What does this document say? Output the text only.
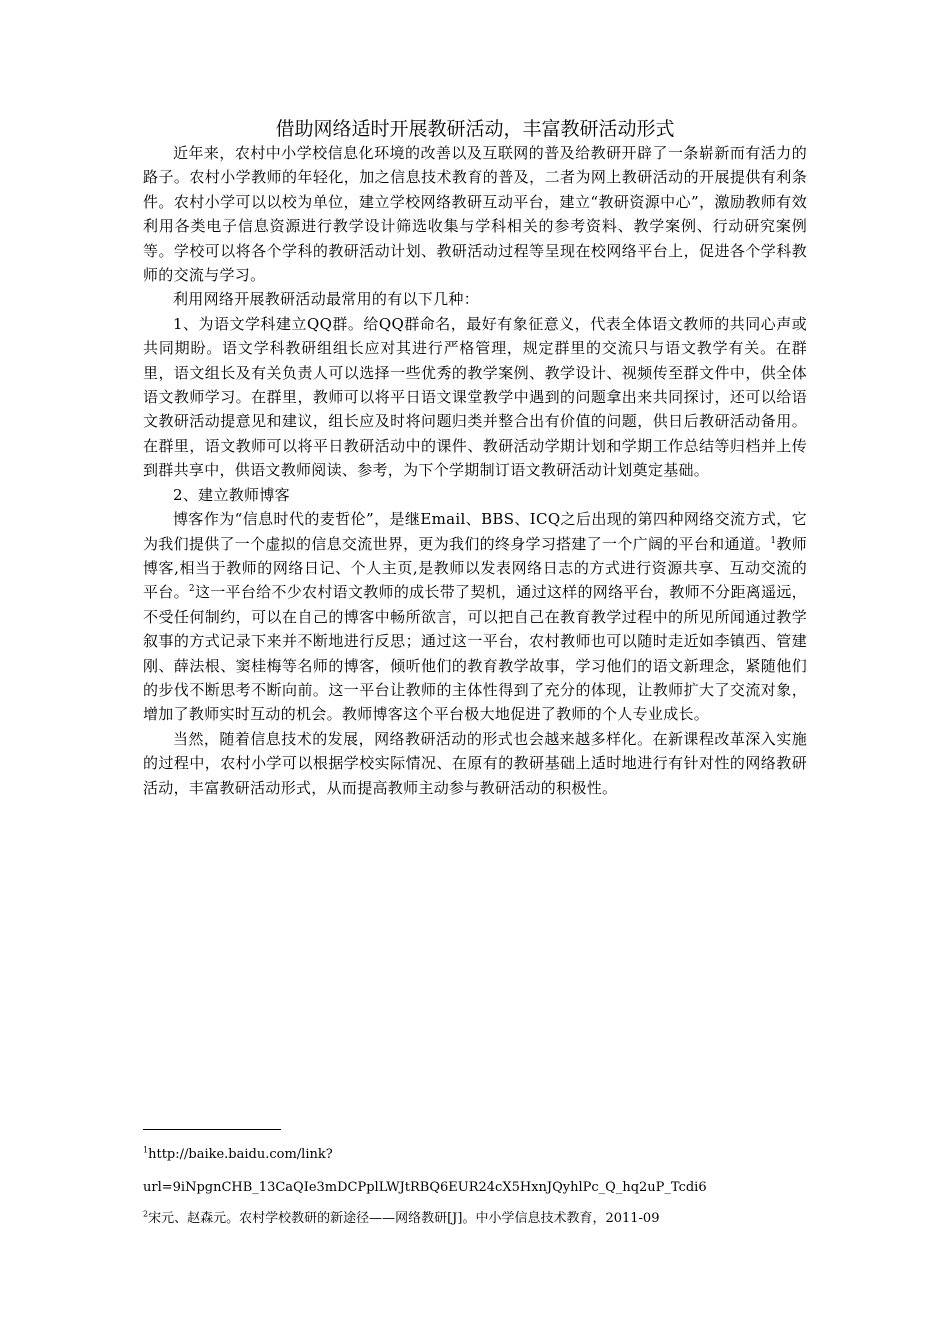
借助网络适时开展教研活动，丰富教研活动形式

近年来，农村中小学校信息化环境的改善以及互联网的普及给教研开辟了一条崭新而有活力的路子。农村小学教师的年轻化，加之信息技术教育的普及，二者为网上教研活动的开展提供有利条件。农村小学可以以校为单位，建立学校网络教研互动平台，建立“教研资源中心”，激励教师有效利用各类电子信息资源进行教学设计筛选收集与学科相关的参考资料、教学案例、行动研究案例等。学校可以将各个学科的教研活动计划、教研活动过程等呈现在校网络平台上，促进各个学科教师的交流与学习。

利用网络开展教研活动最常用的有以下几种：

1、为语文学科建立QQ群。给QQ群命名，最好有象征意义，代表全体语文教师的共同心声或共同期盼。语文学科教研组组长应对其进行严格管理，规定群里的交流只与语文教学有关。在群里，语文组长及有关负责人可以选择一些优秀的教学案例、教学设计、视频传至群文件中，供全体语文教师学习。在群里，教师可以将平日语文课堂教学中遇到的问题拿出来共同探讨，还可以给语文教研活动提意见和建议，组长应及时将问题归类并整合出有价值的问题，供日后教研活动备用。在群里，语文教师可以将平日教研活动中的课件、教研活动学期计划和学期工作总结等归档并上传到群共享中，供语文教师阅读、参考，为下个学期制订语文教研活动计划奠定基础。

2、建立教师博客

博客作为“信息时代的麦哲伦”，是继Email、BBS、ICQ之后出现的第四种网络交流方式，它为我们提供了一个虚拟的信息交流世界，更为我们的终身学习搭建了一个广阔的平台和通道。$^1$教师博客,相当于教师的网络日记、个人主页,是教师以发表网络日志的方式进行资源共享、互动交流的平台。$^2$这一平台给不少农村语文教师的成长带了契机，通过这样的网络平台，教师不分距离遥远，不受任何制约，可以在自己的博客中畅所欲言，可以把自己在教育教学过程中的所见所闻通过教学叙事的方式记录下来并不断地进行反思；通过这一平台，农村教师也可以随时走近如李镇西、管建刚、薛法根、窦桂梅等名师的博客，倾听他们的教育教学故事，学习他们的语文新理念，紧随他们的步伐不断思考不断向前。这一平台让教师的主体性得到了充分的体现，让教师扩大了交流对象，增加了教师实时互动的机会。教师博客这个平台极大地促进了教师的个人专业成长。

当然，随着信息技术的发展，网络教研活动的形式也会越来越多样化。在新课程改革深入实施的过程中，农村小学可以根据学校实际情况、在原有的教研基础上适时地进行有针对性的网络教研活动，丰富教研活动形式，从而提高教师主动参与教研活动的积极性。

$^1$http://baike.baidu.com/link?

url=9iNpgnCHB_13CaQIe3mDCPplLWJtRBQ6EUR24cX5HxnJQyhlPc_Q_hq2uP_Tcdi6

$^2$宋元、赵森元。农村学校教研的新途径——网络教研[J]。中小学信息技术教育，2011-09
